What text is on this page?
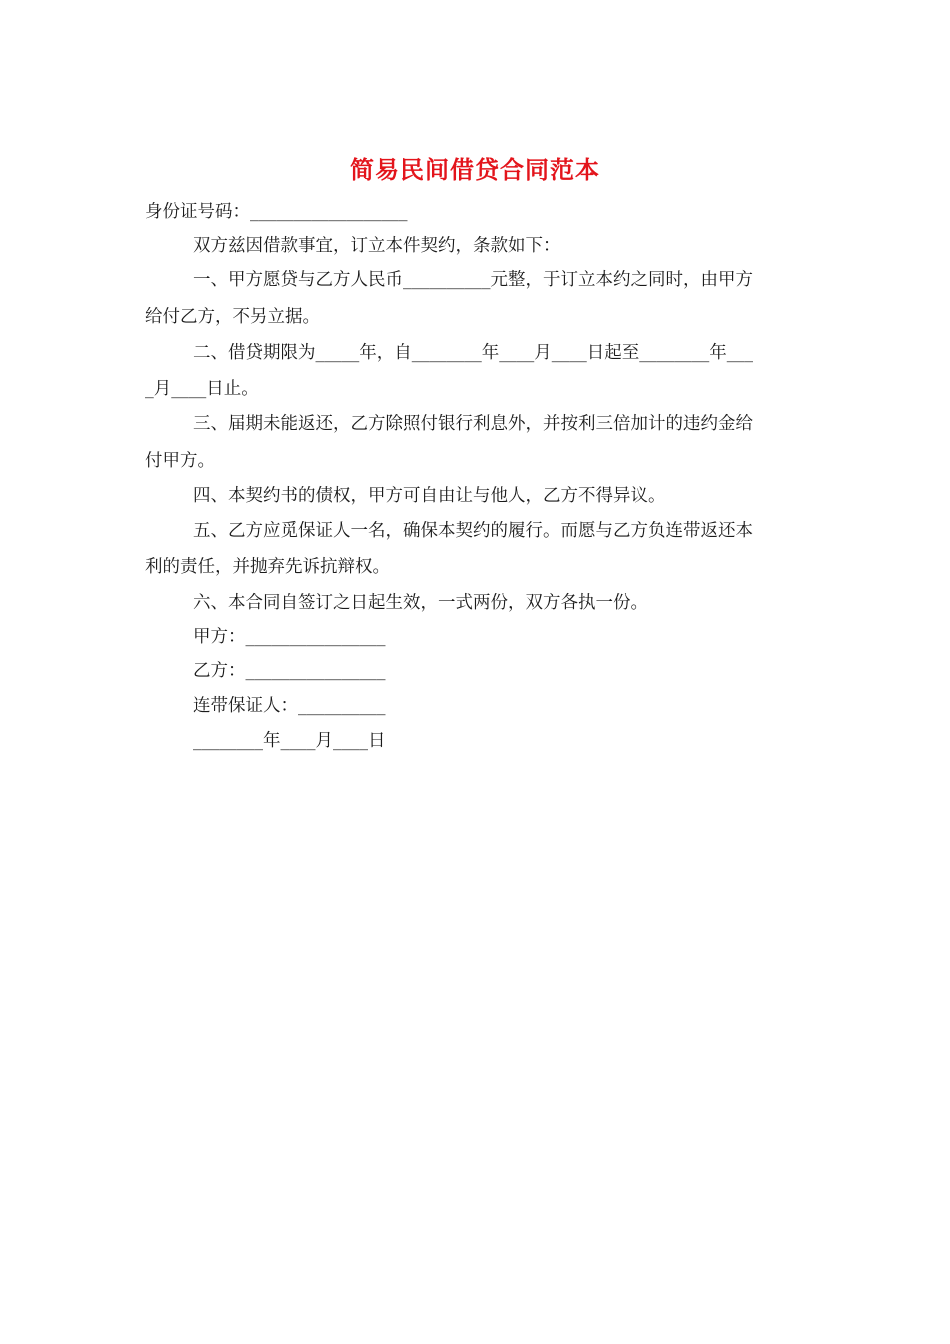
简易民间借贷合同范本
身份证号码：__________________
双方兹因借款事宜，订立本件契约，条款如下：
一、甲方愿贷与乙方人民币__________元整，于订立本约之同时，由甲方
给付乙方，不另立据。
二、借贷期限为_____年，自________年____月____日起至________年___
_月____日止。
三、届期未能返还，乙方除照付银行利息外，并按利三倍加计的违约金给
付甲方。
四、本契约书的债权，甲方可自由让与他人，乙方不得异议。
五、乙方应觅保证人一名，确保本契约的履行。而愿与乙方负连带返还本
利的责任，并抛弃先诉抗辩权。
六、本合同自签订之日起生效，一式两份，双方各执一份。
甲方：________________
乙方：________________
连带保证人：__________
________年____月____日
